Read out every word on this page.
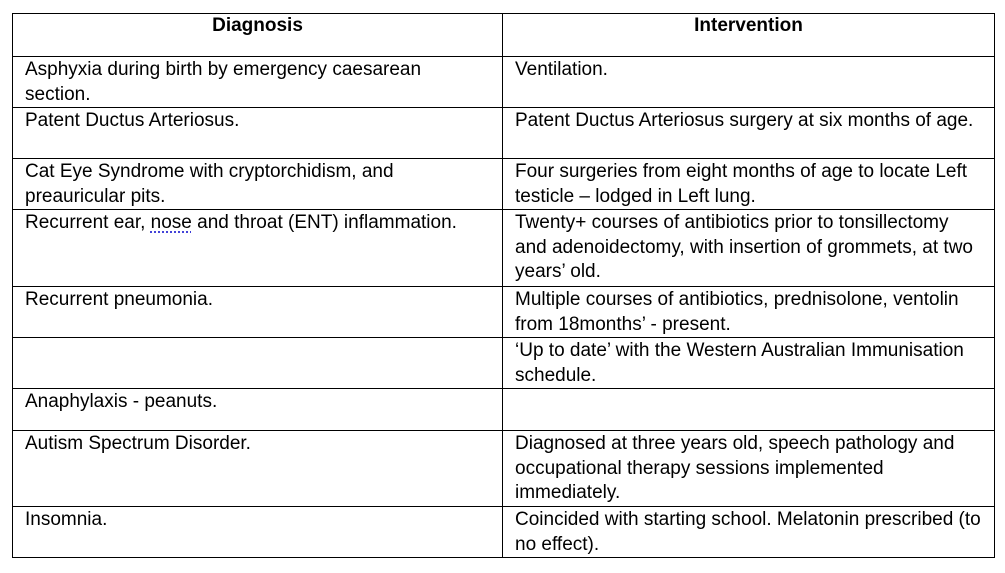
Diagnosis	Intervention
Asphyxia during birth by emergency caesarean section.	Ventilation.
Patent Ductus Arteriosus.	Patent Ductus Arteriosus surgery at six months of age.
Cat Eye Syndrome with cryptorchidism, and preauricular pits.	Four surgeries from eight months of age to locate Left testicle – lodged in Left lung.
Recurrent ear, nose and throat (ENT) inflammation.	Twenty+ courses of antibiotics prior to tonsillectomy and adenoidectomy, with insertion of grommets, at two years’ old.
Recurrent pneumonia.	Multiple courses of antibiotics, prednisolone, ventolin from 18months’ - present.
	‘Up to date’ with the Western Australian Immunisation schedule.
Anaphylaxis - peanuts.	
Autism Spectrum Disorder.	Diagnosed at three years old, speech pathology and occupational therapy sessions implemented immediately.
Insomnia.	Coincided with starting school. Melatonin prescribed (to no effect).
